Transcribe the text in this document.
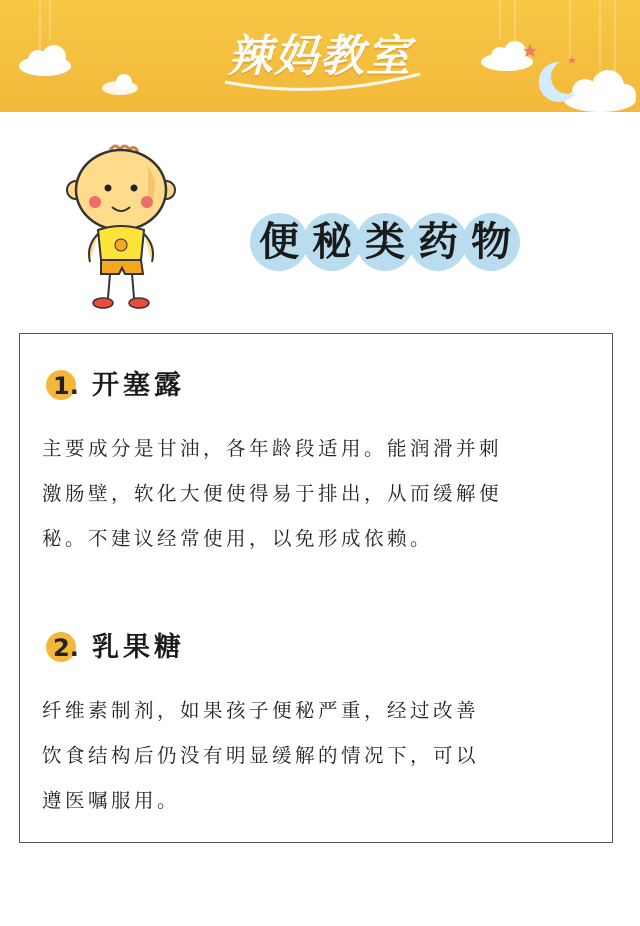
辣妈教室
便 秘 类 药 物
1. 开塞露
主要成分是甘油，各年龄段适用。能润滑并刺
激肠壁，软化大便使得易于排出，从而缓解便
秘。不建议经常使用，以免形成依赖。
2. 乳果糖
纤维素制剂，如果孩子便秘严重，经过改善
饮食结构后仍没有明显缓解的情况下，可以
遵医嘱服用。
